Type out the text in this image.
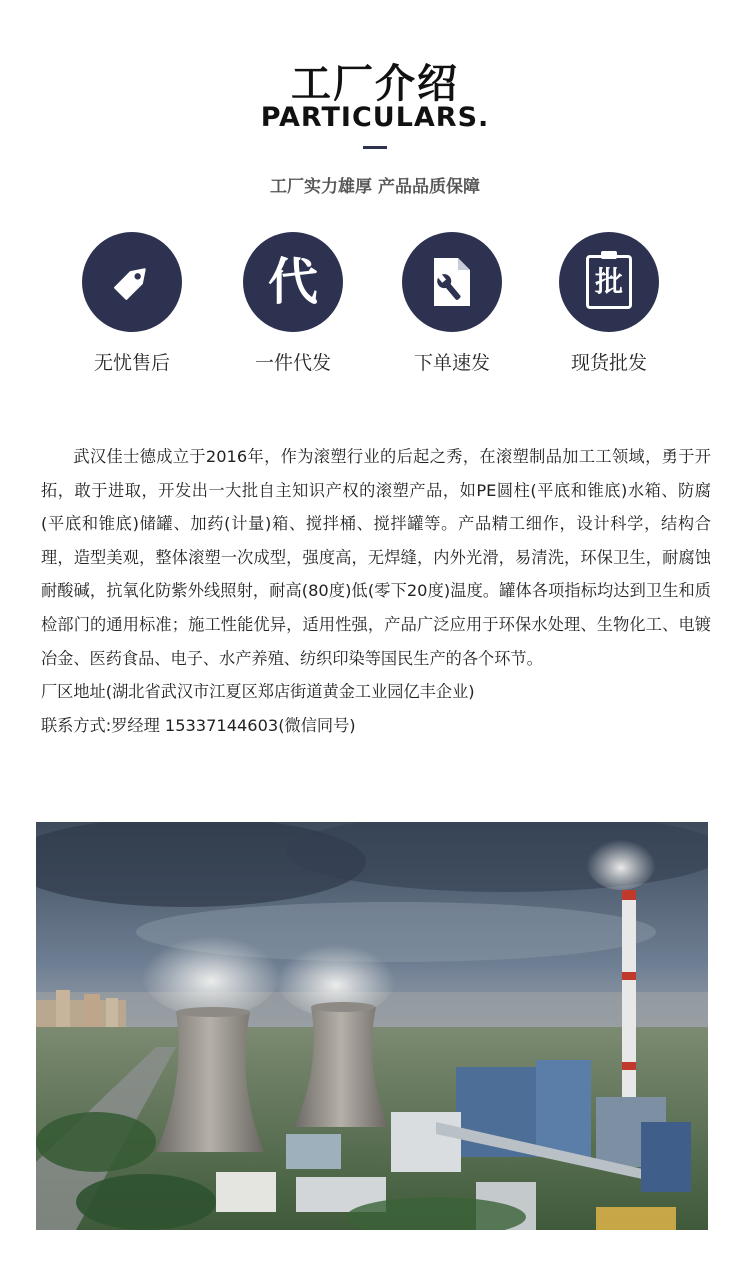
工厂介绍
PARTICULARS.
工厂实力雄厚 产品品质保障
无忧售后
代
一件代发	下单速发
批
现货批发

武汉佳士德成立于2016年，作为滚塑行业的后起之秀，在滚塑制品加工工领域，勇于开拓，敢于进取，开发出一大批自主知识产权的滚塑产品，如PE圆柱(平底和锥底)水箱、防腐(平底和锥底)储罐、加药(计量)箱、搅拌桶、搅拌罐等。产品精工细作，设计科学，结构合理，造型美观，整体滚塑一次成型，强度高，无焊缝，内外光滑，易清洗，环保卫生，耐腐蚀耐酸碱，抗氧化防紫外线照射，耐高(80度)低(零下20度)温度。罐体各项指标均达到卫生和质检部门的通用标准；施工性能优异，适用性强，产品广泛应用于环保水处理、生物化工、电镀冶金、医药食品、电子、水产养殖、纺织印染等国民生产的各个环节。

厂区地址(湖北省武汉市江夏区郑店街道黄金工业园亿丰企业)

联系方式:罗经理 15337144603(微信同号)
